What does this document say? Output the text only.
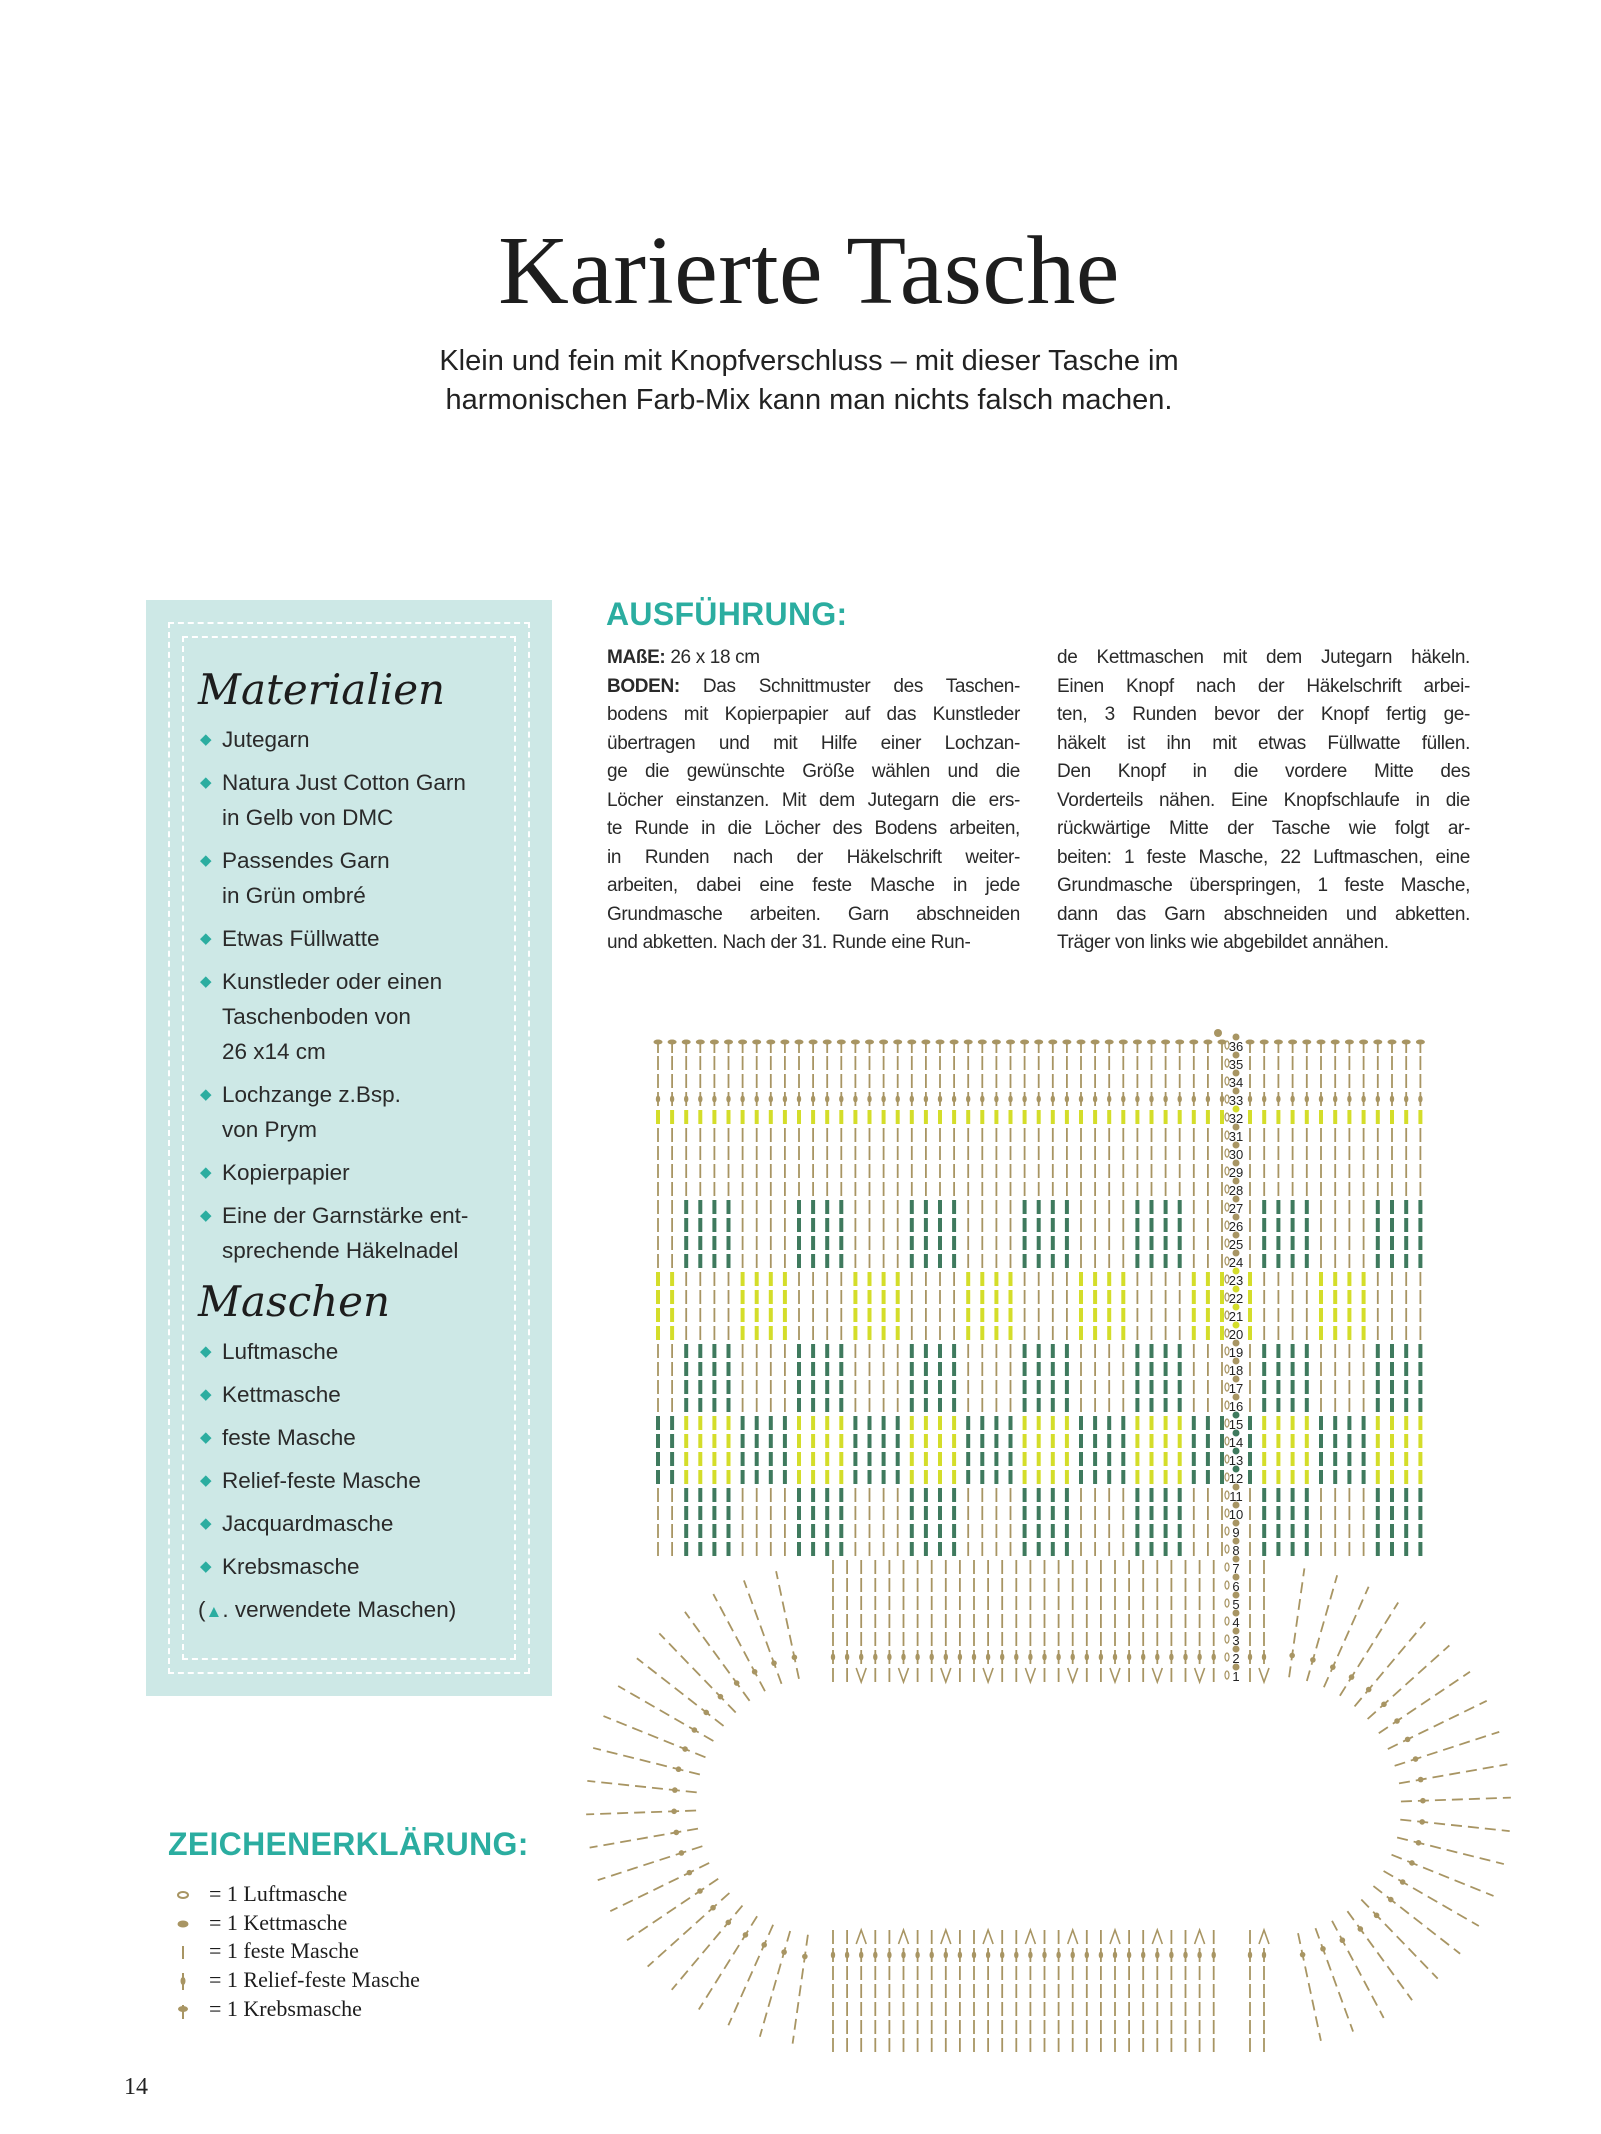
Karierte Tasche
Klein und fein mit Knopfverschluss – mit dieser Tasche im
harmonischen Farb-Mix kann man nichts falsch machen.
Materialien
◆ Jutegarn
◆ Natura Just Cotton Garn
in Gelb von DMC
◆ Passendes Garn
in Grün ombré
◆ Etwas Füllwatte
◆ Kunstleder oder einen
Taschenboden von
26 x14 cm
◆ Lochzange z.Bsp.
von Prym
◆ Kopierpapier
◆ Eine der Garnstärke ent-
sprechende Häkelnadel
Maschen
◆ Luftmasche
◆ Kettmasche
◆ feste Masche
◆ Relief-feste Masche
◆ Jacquardmasche
◆ Krebsmasche
(▲. verwendete Maschen)
AUSFÜHRUNG:
MAßE: 26 x 18 cm
BODEN: Das Schnittmuster des Taschen-
bodens mit Kopierpapier auf das Kunstleder
übertragen und mit Hilfe einer Lochzan-
ge die gewünschte Größe wählen und die
Löcher einstanzen. Mit dem Jutegarn die ers-
te Runde in die Löcher des Bodens arbeiten,
in Runden nach der Häkelschrift weiter-
arbeiten, dabei eine feste Masche in jede
Grundmasche arbeiten. Garn abschneiden
und abketten. Nach der 31. Runde eine Run-
de Kettmaschen mit dem Jutegarn häkeln.
Einen Knopf nach der Häkelschrift arbei-
ten, 3 Runden bevor der Knopf fertig ge-
häkelt ist ihn mit etwas Füllwatte füllen.
Den Knopf in die vordere Mitte des
Vorderteils nähen. Eine Knopfschlaufe in die
rückwärtige Mitte der Tasche wie folgt ar-
beiten: 1 feste Masche, 22 Luftmaschen, eine
Grundmasche überspringen, 1 feste Masche,
dann das Garn abschneiden und abketten.
Träger von links wie abgebildet annähen.
1
2
3
4
5
6
7
8
9
10
11
12
13
14
15
16
17
18
19
20
21
22
23
24
25
26
27
28
29
30
31
32
33
34
35
36
ZEICHENERKLÄRUNG:
= 1 Luftmasche
= 1 Kettmasche
= 1 feste Masche
= 1 Relief-feste Masche
= 1 Krebsmasche
14
